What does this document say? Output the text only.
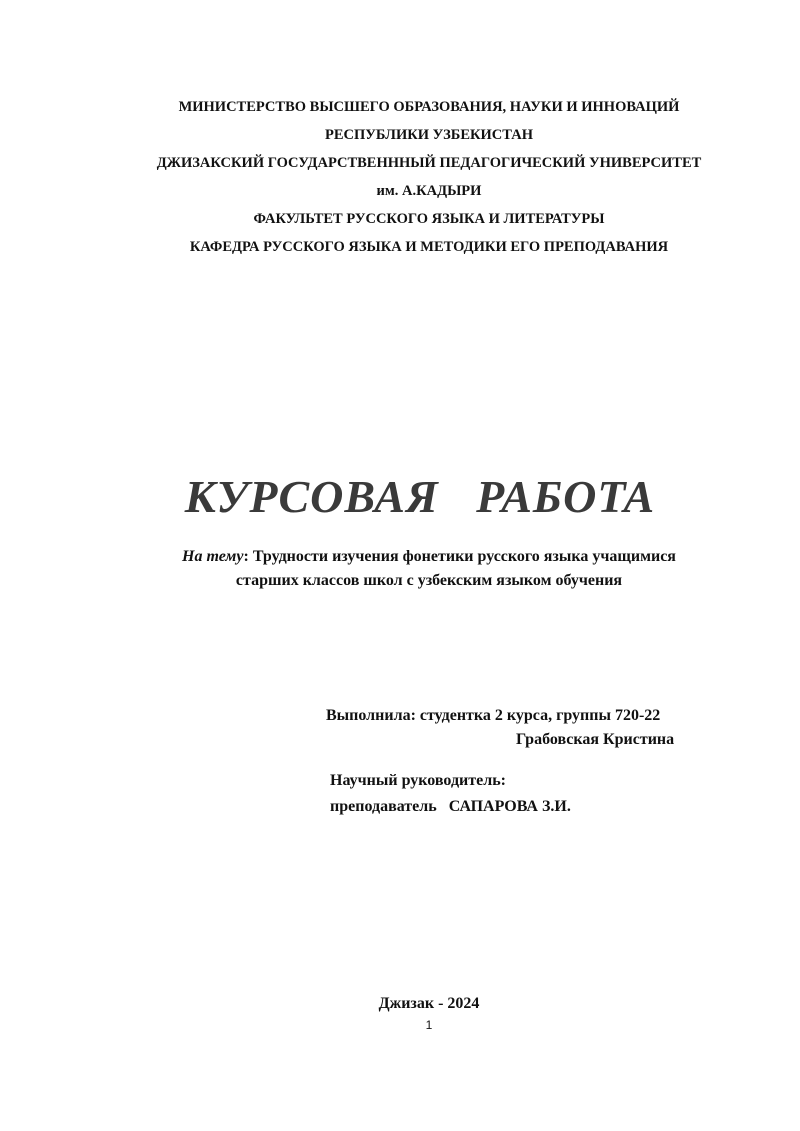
МИНИСТЕРСТВО ВЫСШЕГО ОБРАЗОВАНИЯ, НАУКИ И ИННОВАЦИЙ
РЕСПУБЛИКИ УЗБЕКИСТАН
ДЖИЗАКСКИЙ ГОСУДАРСТВЕНННЫЙ ПЕДАГОГИЧЕСКИЙ УНИВЕРСИТЕТ
им. А.КАДЫРИ
ФАКУЛЬТЕТ РУССКОГО ЯЗЫКА И ЛИТЕРАТУРЫ
КАФЕДРА РУССКОГО ЯЗЫКА И МЕТОДИКИ ЕГО ПРЕПОДАВАНИЯ
КУРСОВАЯ   РАБОТА
На тему: Трудности изучения фонетики русского языка учащимися
старших классов школ с узбекским языком обучения
Выполнила: студентка 2 курса, группы 720-22
Грабовская Кристина
Научный руководитель:
преподаватель   САПАРОВА З.И.
Джизак - 2024
1
